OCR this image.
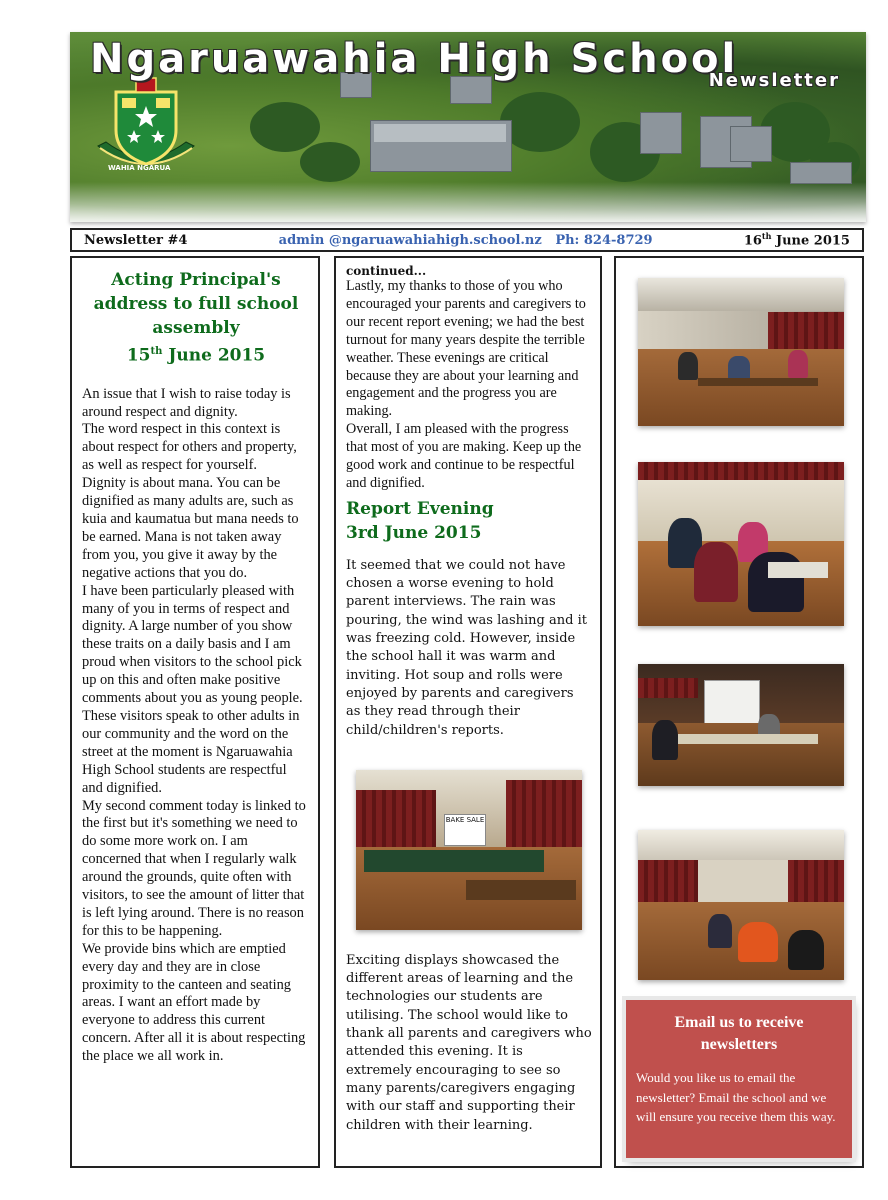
WAHIA NGARUA
Ngaruawahia High School
Newsletter
Newsletter #4	admin @ngaruawahiahigh.school.nz   Ph: 824-8729	16th June 2015
Acting Principal's
address to full school
assembly
15th June 2015

An issue that I wish to raise today is around respect and dignity.

The word respect in this context is about respect for others and property, as well as respect for yourself.

Dignity is about mana. You can be dignified as many adults are, such as kuia and kaumatua but mana needs to be earned. Mana is not taken away from you, you give it away by the negative actions that you do.

I have been particularly pleased with many of you in terms of respect and dignity. A large number of you show these traits on a daily basis and I am proud when visitors to the school pick up on this and often make positive comments about you as young people.

These visitors speak to other adults in our community and the word on the street at the moment is Ngaruawahia High School students are respectful and dignified.

My second comment today is linked to the first but it's something we need to do some more work on. I am concerned that when I regularly walk around the grounds, quite often with visitors, to see the amount of litter that is left lying around. There is no reason for this to be happening.

We provide bins which are emptied every day and they are in close proximity to the canteen and seating areas. I want an effort made by everyone to address this current concern. After all it is about respecting the place we all work in.

continued...

Lastly, my thanks to those of you who encouraged your parents and caregivers to our recent report evening; we had the best turnout for many years despite the terrible weather. These evenings are critical because they are about your learning and engagement and the progress you are making.

Overall, I am pleased with the progress that most of you are making. Keep up the good work and continue to be respectful and dignified.

Report Evening
3rd June 2015
It seemed that we could not have chosen a worse evening to hold parent interviews. The rain was pouring, the wind was lashing and it was freezing cold. However, inside the school hall it was warm and inviting. Hot soup and rolls were enjoyed by parents and caregivers as they read through their child/children's reports.
BAKE SALE
Exciting displays showcased the different areas of learning and the technologies our students are utilising. The school would like to thank all parents and caregivers who attended this evening. It is extremely encouraging to see so many parents/caregivers engaging with our staff and supporting their children with their learning.
Email us to receive
newsletters
Would you like us to email the newsletter? Email the school and we will ensure you receive them this way.
